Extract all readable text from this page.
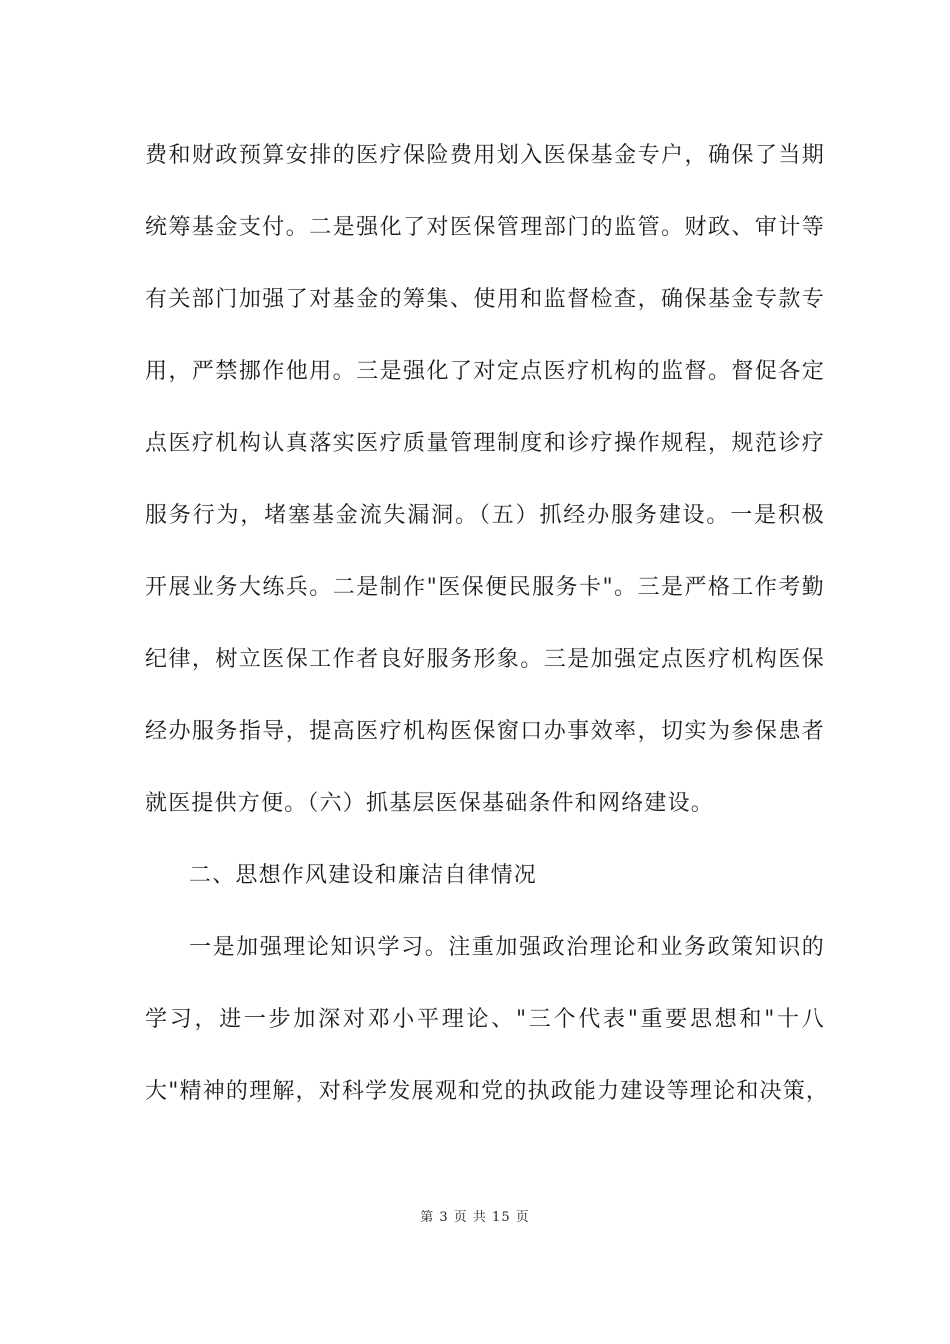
费和财政预算安排的医疗保险费用划入医保基金专户，确保了当期
统筹基金支付。二是强化了对医保管理部门的监管。财政、审计等
有关部门加强了对基金的筹集、使用和监督检查，确保基金专款专
用，严禁挪作他用。三是强化了对定点医疗机构的监督。督促各定
点医疗机构认真落实医疗质量管理制度和诊疗操作规程，规范诊疗
服务行为，堵塞基金流失漏洞。（五）抓经办服务建设。一是积极
开展业务大练兵。二是制作"医保便民服务卡"。三是严格工作考勤
纪律，树立医保工作者良好服务形象。三是加强定点医疗机构医保
经办服务指导，提高医疗机构医保窗口办事效率，切实为参保患者
就医提供方便。（六）抓基层医保基础条件和网络建设。
二、思想作风建设和廉洁自律情况
一是加强理论知识学习。注重加强政治理论和业务政策知识的
学习，进一步加深对邓小平理论、"三个代表"重要思想和"十八
大"精神的理解，对科学发展观和党的执政能力建设等理论和决策，
第 3 页 共 15 页
